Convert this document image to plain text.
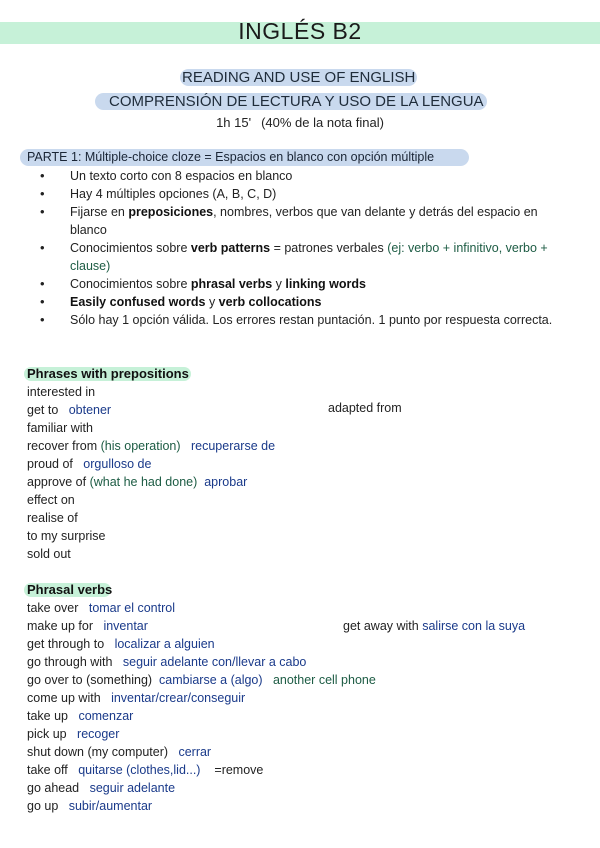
INGLÉS B2
READING AND USE OF ENGLISH
COMPRENSIÓN DE LECTURA Y USO DE LA LENGUA
1h 15' (40% de la nota final)
PARTE 1: Múltiple-choice cloze = Espacios en blanco con opción múltiple
• Un texto corto con 8 espacios en blanco
• Hay 4 múltiples opciones (A, B, C, D)
• Fijarse en preposiciones, nombres, verbos que van delante y detrás del espacio en blanco
• Conocimientos sobre verb patterns = patrones verbales (ej: verbo + infinitivo, verbo + clause)
• Conocimientos sobre phrasal verbs y linking words
• Easily confused words y verb collocations
• Sólo hay 1 opción válida. Los errores restan puntación. 1 punto por respuesta correcta.
Phrases with prepositions
interested in
get to obtener	adapted from
familiar with
recover from (his operation) recuperarse de
proud of orgulloso de
approve of (what he had done) aprobar
effect on
realise of
to my surprise
sold out
Phrasal verbs
take over tomar el control
make up for inventar	get away with salirse con la suya
get through to localizar a alguien
go through with seguir adelante con/llevar a cabo
go over to (something) cambiarse a (algo) another cell phone
come up with inventar/crear/conseguir
take up comenzar
pick up recoger
shut down (my computer) cerrar
take off quitarse (clothes,lid...) =remove
go ahead seguir adelante
go up subir/aumentar
